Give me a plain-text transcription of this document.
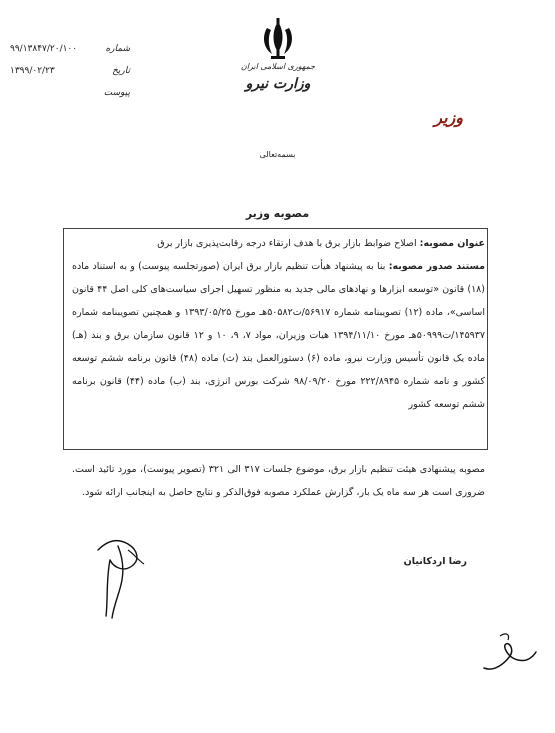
شماره
۹۹/۱۳۸۴۷/۲۰/۱۰۰
تاریخ
۱۳۹۹/۰۲/۲۳
پیوست
جمهوری اسلامی ایران
وزارت نیرو
وزیر
بسمه‌تعالی
مصوبه وزیر
عنوان مصوبه: اصلاح ضوابط بازار برق با هدف ارتقاء درجه رقابت‌پذیری بازار برق
مستند صدور مصوبه: بنا به پیشنهاد هیأت تنظیم بازار برق ایران (صورتجلسه پیوست) و به استناد ماده (۱۸) قانون «توسعه ابزارها و نهادهای مالی جدید به منظور تسهیل اجرای سیاست‌های کلی اصل ۴۴ قانون اساسی»، ماده (۱۲) تصویبنامه شماره ۵۶۹۱۷/ت۵۰۵۸۲هـ مورخ ۱۳۹۳/۰۵/۲۵ و همچنین تصویبنامه شماره ۱۴۵۹۳۷/ت۵۰۹۹۹هـ مورخ ۱۳۹۴/۱۱/۱۰ هیات وزیران، مواد ۷، ۹، ۱۰ و ۱۲ قانون سازمان برق و بند (هـ) ماده یک قانون تأسیس وزارت نیرو، ماده (۶) دستورالعمل بند (ث) ماده (۴۸) قانون برنامه ششم توسعه کشور و نامه شماره ۲۲۲/۸۹۴۵ مورخ ۹۸/۰۹/۲۰ شرکت بورس انرژی، بند (ب) ماده (۴۴) قانون برنامه ششم توسعه کشور
مصوبه پیشنهادی هیئت تنظیم بازار برق، موضوع جلسات ۳۱۷ الی ۳۲۱ (تصویر پیوست)، مورد تائید است. ضروری است هر سه ماه یک بار، گزارش عملکرد مصوبه فوق‌الذکر و نتایج حاصل به اینجانب ارائه شود.
رضا اردکانیان
